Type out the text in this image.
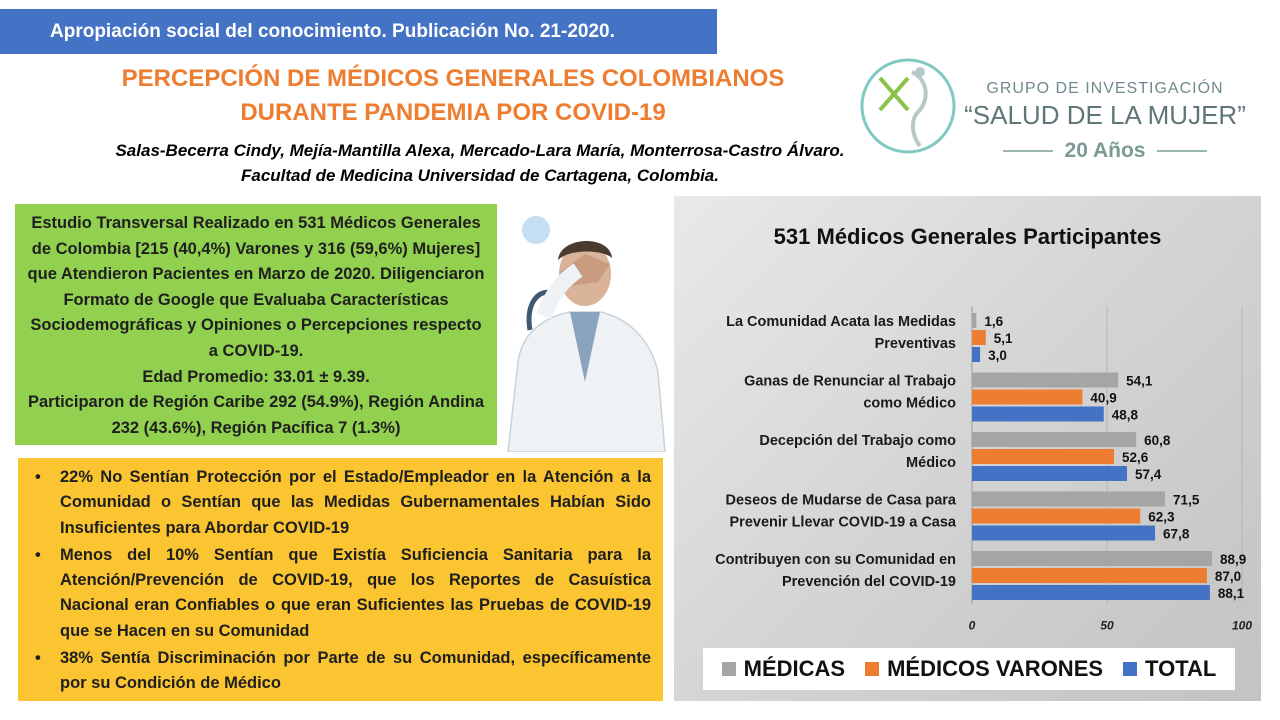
Apropiación social del conocimiento. Publicación No. 21-2020.
PERCEPCIÓN DE MÉDICOS GENERALES COLOMBIANOS
DURANTE PANDEMIA POR COVID-19
Salas-Becerra Cindy, Mejía-Mantilla Alexa, Mercado-Lara María, Monterrosa-Castro Álvaro.
Facultad de Medicina Universidad de Cartagena, Colombia.
GRUPO DE INVESTIGACIÓN
“SALUD DE LA MUJER”
20 Años

Estudio Transversal Realizado en 531 Médicos Generales de Colombia [215 (40,4%) Varones y 316 (59,6%) Mujeres] que Atendieron Pacientes en Marzo de 2020. Diligenciaron Formato de Google que Evaluaba Características Sociodemográficas y Opiniones o Percepciones respecto a COVID-19.

Edad Promedio: 33.01 ± 9.39.

Participaron de Región Caribe 292 (54.9%), Región Andina 232 (43.6%), Región Pacífica 7 (1.3%)

• 22% No Sentían Protección por el Estado/Empleador en la Atención a la Comunidad o Sentían que las Medidas Gubernamentales Habían Sido Insuficientes para Abordar COVID-19
• Menos del 10% Sentían que Existía Suficiencia Sanitaria para la Atención/Prevención de COVID-19, que los Reportes de Casuística Nacional eran Confiables o que eran Suficientes las Pruebas de COVID-19 que se Hacen en su Comunidad
• 38% Sentía Discriminación por Parte de su Comunidad, específicamente por su Condición de Médico
531 Médicos Generales Participantes
0	50	100
La Comunidad Acata las Medidas Preventivas
1,6
5,1
3,0
Ganas de Renunciar al Trabajo como Médico
54,1
40,9
48,8
Decepción del Trabajo como Médico
60,8
52,6
57,4
Deseos de Mudarse de Casa para Prevenir Llevar COVID-19 a Casa
71,5
62,3
67,8
Contribuyen con su Comunidad en Prevención del COVID-19
88,9
87,0
88,1
MÉDICAS MÉDICOS VARONES TOTAL
